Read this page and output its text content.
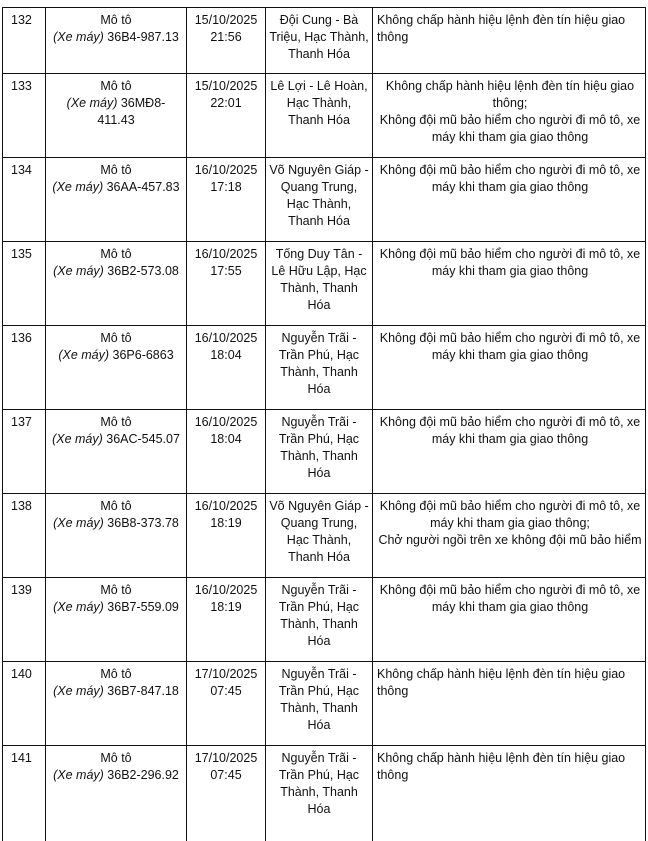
132	Mô tô
(Xe máy) 36B4-987.13	15/10/2025
21:56	Đội Cung - Bà Triệu, Hạc Thành, Thanh Hóa	Không chấp hành hiệu lệnh đèn tín hiệu giao thông

133	Mô tô
(Xe máy) 36MĐ8-411.43	15/10/2025
22:01	Lê Lợi - Lê Hoàn, Hạc Thành, Thanh Hóa	Không chấp hành hiệu lệnh đèn tín hiệu giao thông;
Không đội mũ bảo hiểm cho người đi mô tô, xe máy khi tham gia giao thông

134	Mô tô
(Xe máy) 36AA-457.83	16/10/2025
17:18	Võ Nguyên Giáp - Quang Trung, Hạc Thành, Thanh Hóa	Không đội mũ bảo hiểm cho người đi mô tô, xe máy khi tham gia giao thông

135	Mô tô
(Xe máy) 36B2-573.08	16/10/2025
17:55	Tống Duy Tân - Lê Hữu Lập, Hạc Thành, Thanh Hóa	Không đội mũ bảo hiểm cho người đi mô tô, xe máy khi tham gia giao thông

136	Mô tô
(Xe máy) 36P6-6863	16/10/2025
18:04	Nguyễn Trãi - Trần Phú, Hạc Thành, Thanh Hóa	Không đội mũ bảo hiểm cho người đi mô tô, xe máy khi tham gia giao thông

137	Mô tô
(Xe máy) 36AC-545.07	16/10/2025
18:04	Nguyễn Trãi - Trần Phú, Hạc Thành, Thanh Hóa	Không đội mũ bảo hiểm cho người đi mô tô, xe máy khi tham gia giao thông

138	Mô tô
(Xe máy) 36B8-373.78	16/10/2025
18:19	Võ Nguyên Giáp - Quang Trung, Hạc Thành, Thanh Hóa	Không đội mũ bảo hiểm cho người đi mô tô, xe máy khi tham gia giao thông;
Chở người ngồi trên xe không đội mũ bảo hiểm

139	Mô tô
(Xe máy) 36B7-559.09	16/10/2025
18:19	Nguyễn Trãi - Trần Phú, Hạc Thành, Thanh Hóa	Không đội mũ bảo hiểm cho người đi mô tô, xe máy khi tham gia giao thông

140	Mô tô
(Xe máy) 36B7-847.18	17/10/2025
07:45	Nguyễn Trãi - Trần Phú, Hạc Thành, Thanh Hóa	Không chấp hành hiệu lệnh đèn tín hiệu giao thông

141	Mô tô
(Xe máy) 36B2-296.92	17/10/2025
07:45	Nguyễn Trãi - Trần Phú, Hạc Thành, Thanh Hóa	Không chấp hành hiệu lệnh đèn tín hiệu giao thông
